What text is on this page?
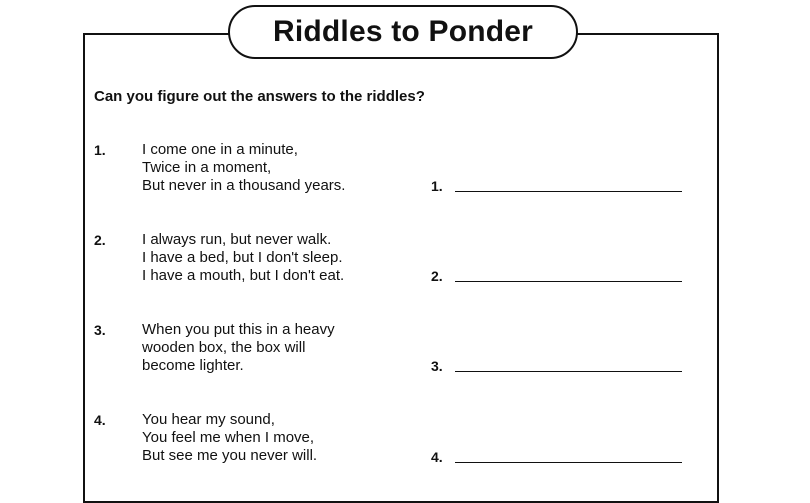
Riddles to Ponder
Can you figure out the answers to the riddles?
1. I come one in a minute,
Twice in a moment,
But never in a thousand years.	1.
2. I always run, but never walk.
I have a bed, but I don't sleep.
I have a mouth, but I don't eat.	2.
3. When you put this in a heavy
wooden box, the box will
become lighter.	3.
4. You hear my sound,
You feel me when I move,
But see me you never will.	4.
